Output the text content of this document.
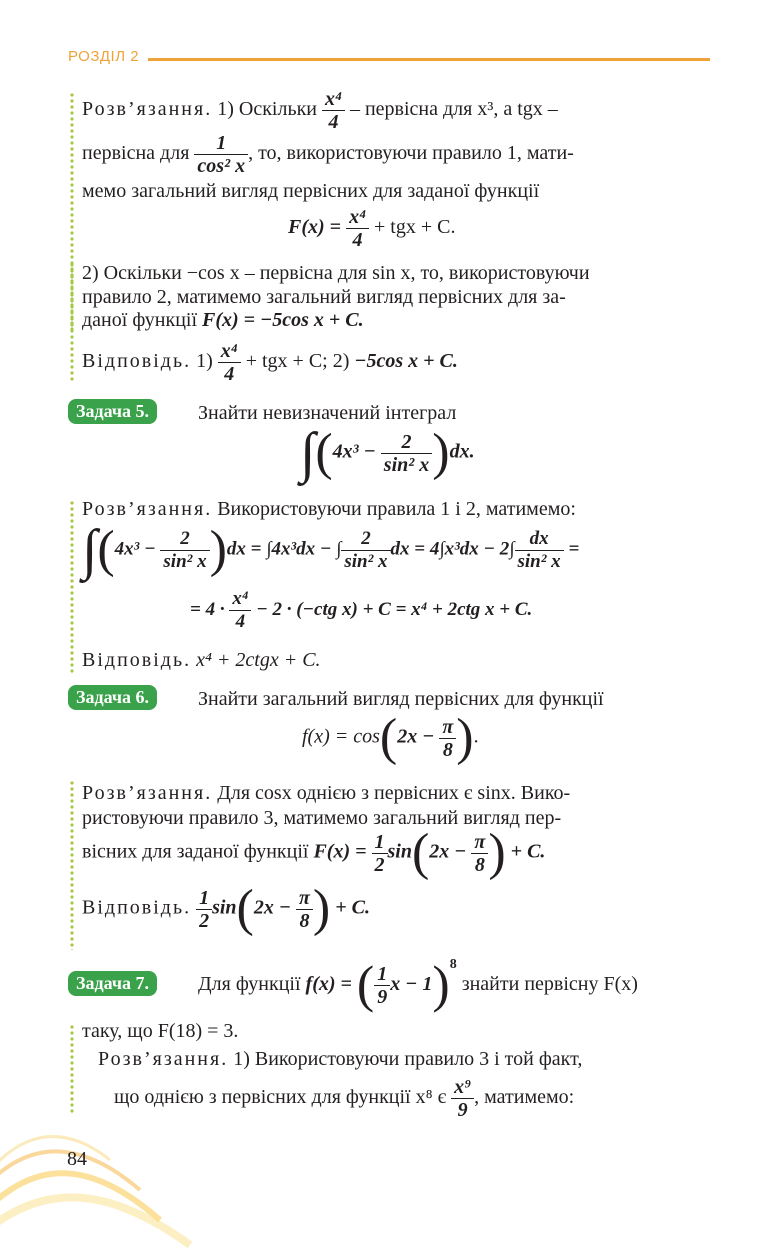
РОЗДІЛ 2
Розв’язання. 1) Оскільки $\frac{\text{x⁴}}{4}$ – первісна для x³, а tgx –
первісна для $\frac{1}{\text{cos² x}}$ , то, використовуючи правило 1, мати-
мемо загальний вигляд первісних для заданої функції
$F(x) = \frac{\text{x⁴}}{4}$ + tgx + C.
2) Оскільки −cos x – первісна для sin x, то, використовуючи
правило 2, матимемо загальний вигляд первісних для за-
даної функції F(x) = −5cos x + C.
Відповідь. $1) \frac{\text{x⁴}}{4}$ + tgx + C; 2) −5cos x + C.
Задача 5.	Знайти невизначений інтеграл
$\int(4x^3 - \frac{2}{\text{sin² x}} )dx$.
Розв’язання. Використовуючи правила 1 і 2, матимемо:
$\int(4x^3 - \frac{2}{\text{sin² x}} )dx = \int 4x^3dx$ − ∫ $\frac{2}{\text{sin² x}}$ dx = $4\int x^3dx - 2\int \frac{dx}{\text{sin² x}}$ =
= $4 \cdot \frac{\text{x⁴}}{4} - 2 \cdot (-ctg$ x) + C = x⁴ + 2ctg x + C.
Відповідь. x⁴ + 2ctgx + C.
Задача 6.	Знайти загальний вигляд первісних для функції
$f(x) = \cos(2x - \frac{\pi}{8}$ ).
Розв’язання. Для cosx однією з первісних є sinx. Вико-
ристовуючи правило 3, матимемо загальний вигляд пер-
вісних для заданої функції $F(x) = \frac{1}{2} \sin(2x - \frac{\pi}{8}$ ) + C.
Відповідь. $\frac{1}{2} \sin(2x - \frac{\pi}{8}$ ) + C.
Задача 7.	Для функції f(x) = ( $\frac{1}{9}$ x − 1)$^8$ знайти первісну F(x)
таку, що F(18) = 3.
Розв’язання. 1) Використовуючи правило 3 і той факт,
що однією з первісних для функції x⁸ є $\frac{\text{x⁹}}{9}$ , матимемо:
84
